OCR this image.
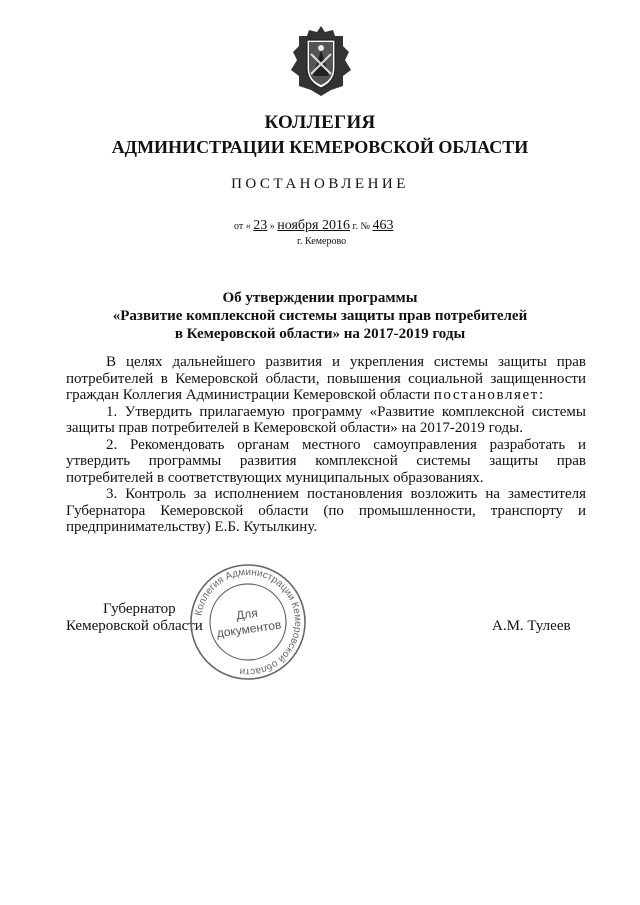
КОЛЛЕГИЯ
АДМИНИСТРАЦИИ КЕМЕРОВСКОЙ ОБЛАСТИ
ПОСТАНОВЛЕНИЕ
от « 23 » ноября 2016 г. № 463
г. Кемерово
Об утверждении программы
«Развитие комплексной системы защиты прав потребителей
в Кемеровской области» на 2017-2019 годы

В целях дальнейшего развития и укрепления системы защиты прав потребителей в Кемеровской области, повышения социальной защищенности граждан Коллегия Администрации Кемеровской области постановляет:

1. Утвердить прилагаемую программу «Развитие комплексной системы защиты прав потребителей в Кемеровской области» на 2017-2019 годы.

2. Рекомендовать органам местного самоуправления разработать и утвердить программы развития комплексной системы защиты прав потребителей в соответствующих муниципальных образованиях.

3. Контроль за исполнением постановления возложить на заместителя Губернатора Кемеровской области (по промышленности, транспорту и предпринимательству) Е.Б. Кутылкину.

Губернатор
Кемеровской области	А.М. Тулеев
Коллегия Администрации Кемеровской области
Для
документов
